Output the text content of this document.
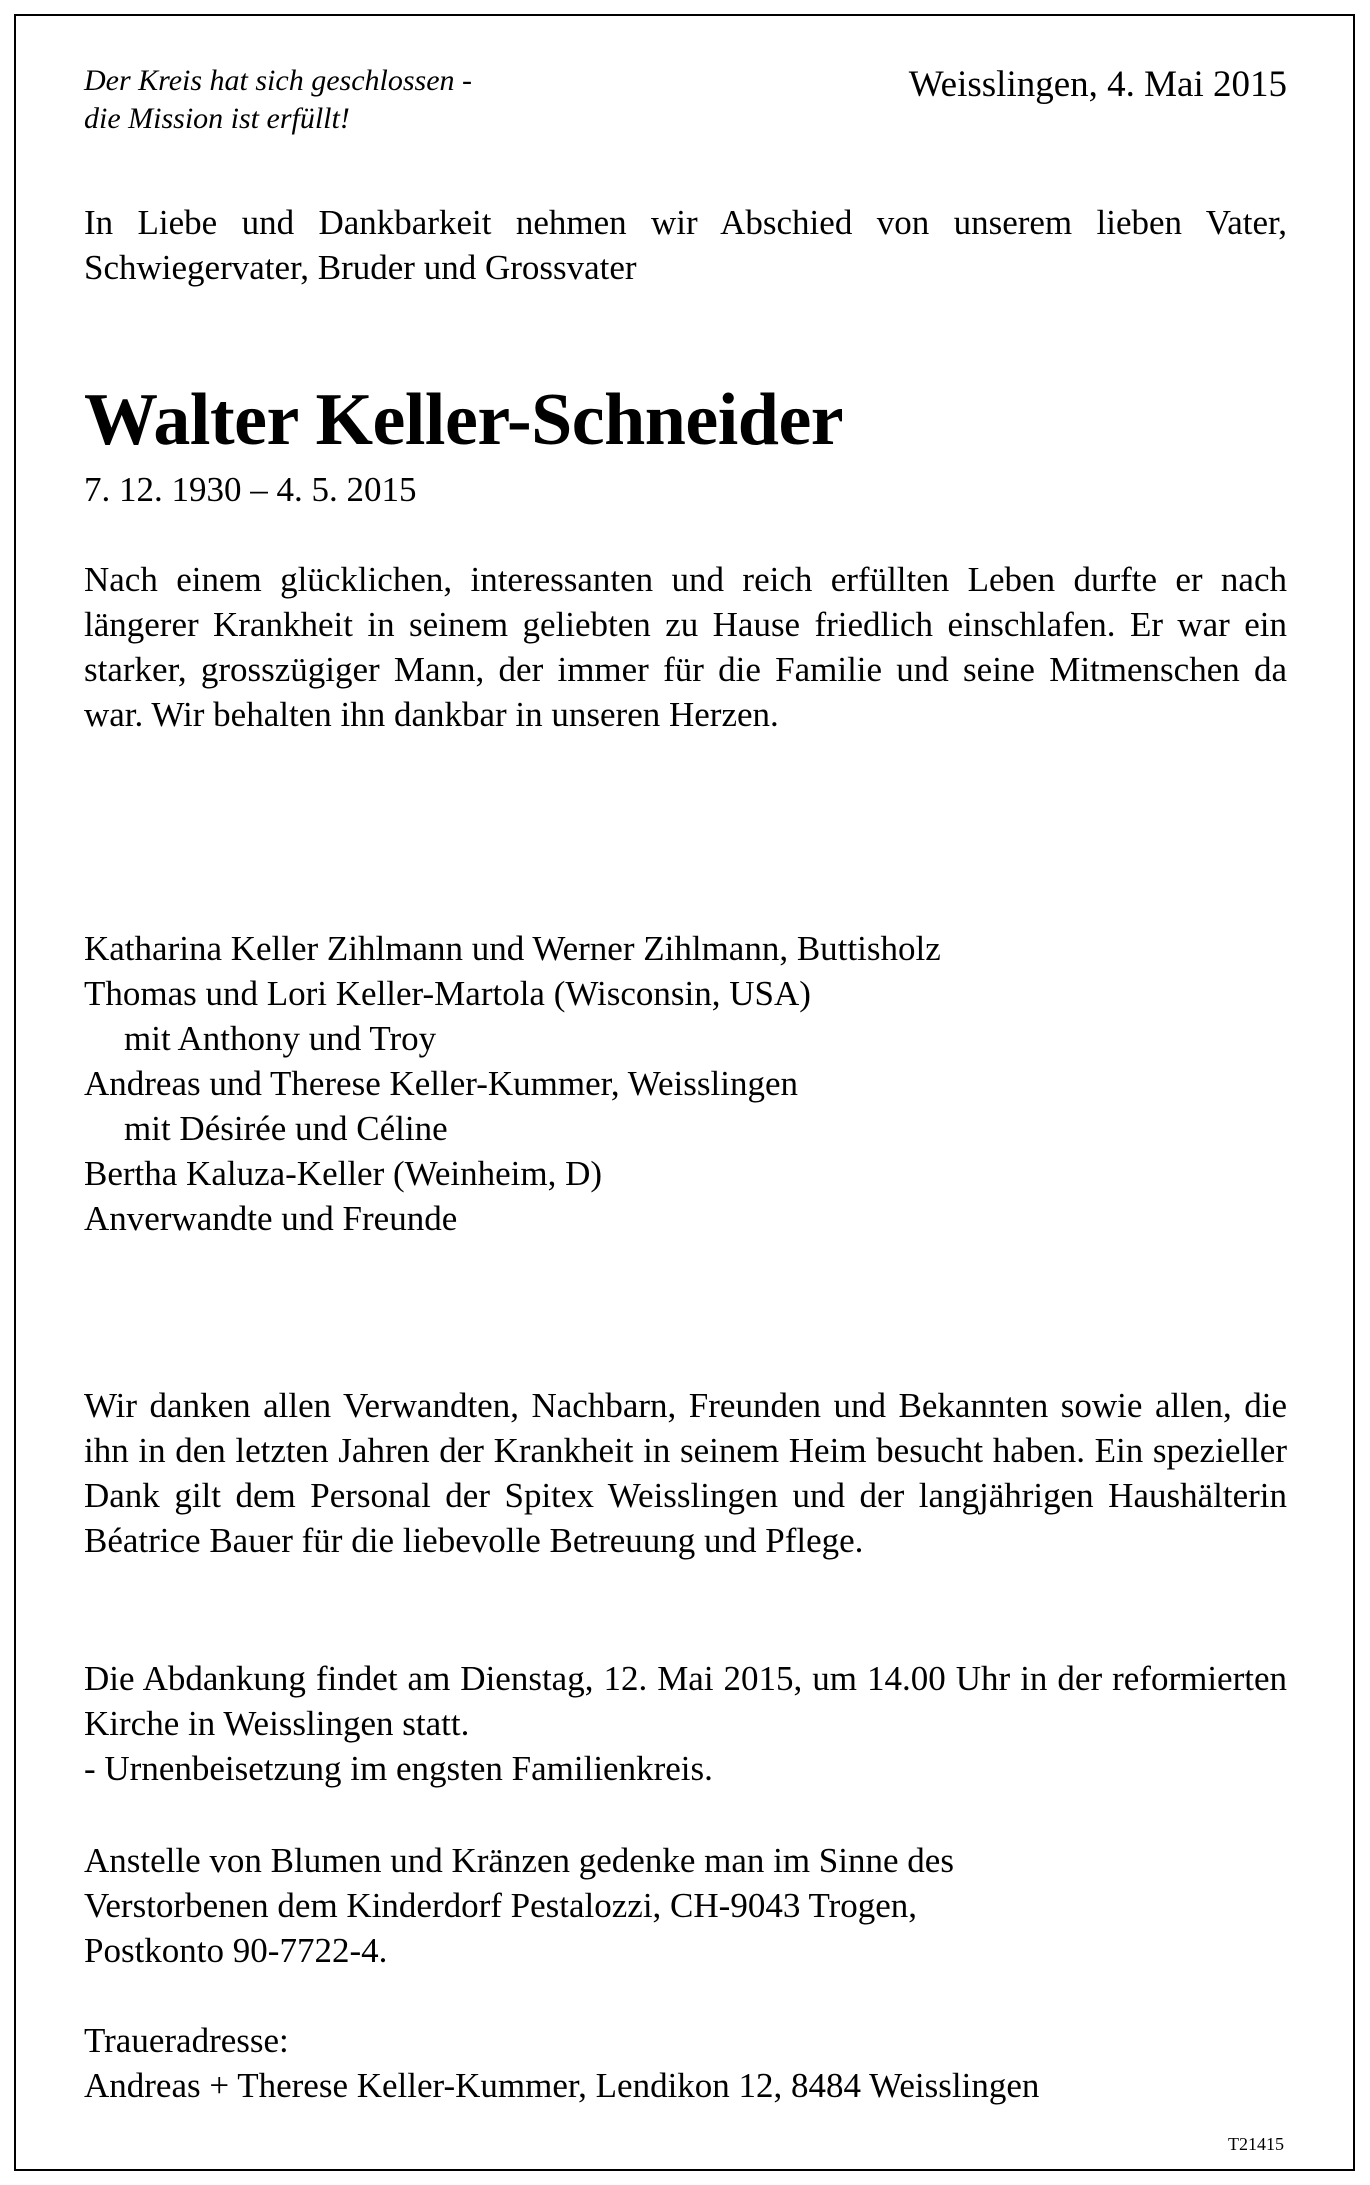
Der Kreis hat sich geschlossen -
die Mission ist erfüllt!
Weisslingen, 4. Mai 2015
In Liebe und Dankbarkeit nehmen wir Abschied von unserem lieben Vater, Schwiegervater, Bruder und Grossvater
Walter Keller-Schneider
7. 12. 1930 – 4. 5. 2015
Nach einem glücklichen, interessanten und reich erfüllten Leben durfte er nach längerer Krankheit in seinem geliebten zu Hause friedlich einschlafen. Er war ein starker, grosszügiger Mann, der immer für die Familie und seine Mitmenschen da war. Wir behalten ihn dankbar in unseren Herzen.
Katharina Keller Zihlmann und Werner Zihlmann, Buttisholz
Thomas und Lori Keller-Martola (Wisconsin, USA)
mit Anthony und Troy
Andreas und Therese Keller-Kummer, Weisslingen
mit Désirée und Céline
Bertha Kaluza-Keller (Weinheim, D)
Anverwandte und Freunde
Wir danken allen Verwandten, Nachbarn, Freunden und Bekannten sowie allen, die ihn in den letzten Jahren der Krankheit in seinem Heim besucht haben. Ein spezieller Dank gilt dem Personal der Spitex Weisslingen und der langjährigen Haushälterin Béatrice Bauer für die liebevolle Betreuung und Pflege.
Die Abdankung findet am Dienstag, 12. Mai 2015, um 14.00 Uhr in der reformierten Kirche in Weisslingen statt.
- Urnenbeisetzung im engsten Familienkreis.
Anstelle von Blumen und Kränzen gedenke man im Sinne des
Verstorbenen dem Kinderdorf Pestalozzi, CH-9043 Trogen,
Postkonto 90-7722-4.
Traueradresse:
Andreas + Therese Keller-Kummer, Lendikon 12, 8484 Weisslingen
T21415
